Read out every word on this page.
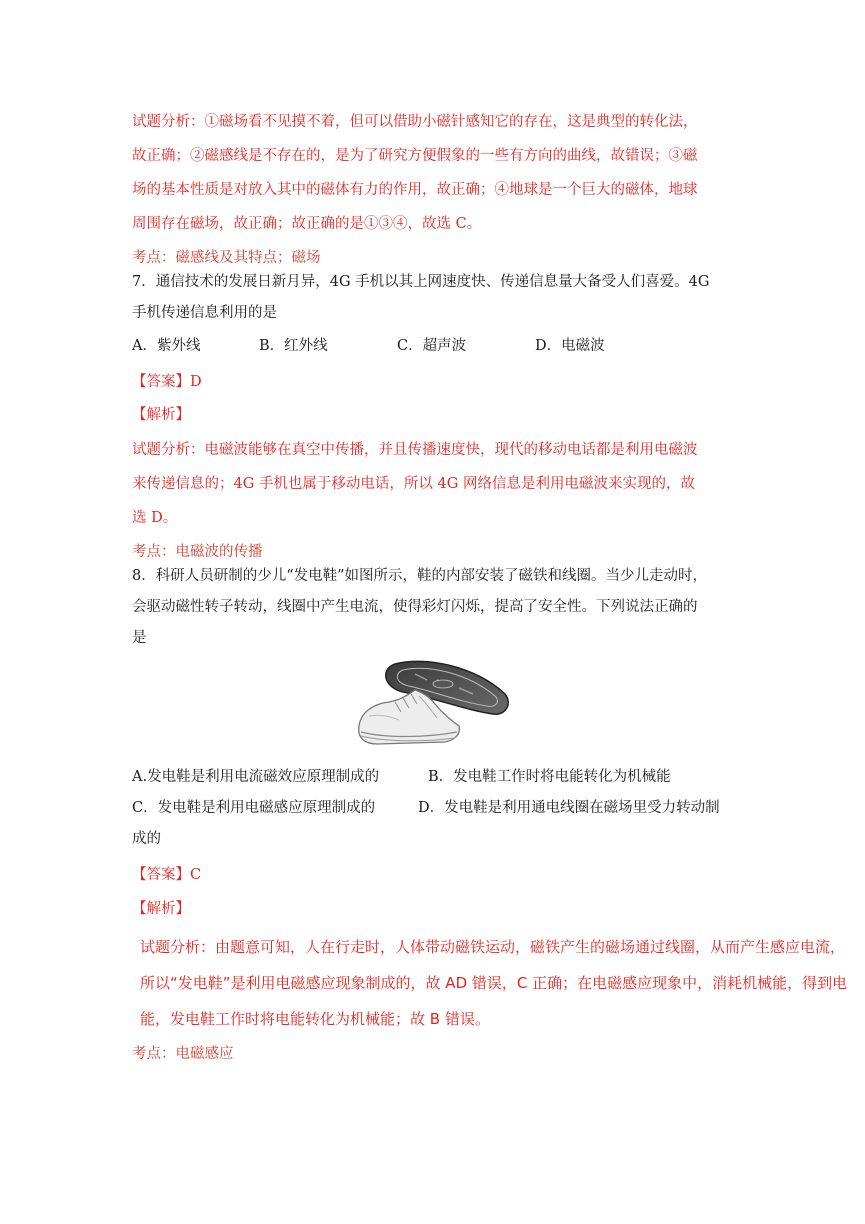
试题分析：①磁场看不见摸不着，但可以借助小磁针感知它的存在，这是典型的转化法，
故正确；②磁感线是不存在的，是为了研究方便假象的一些有方向的曲线，故错误；③磁
场的基本性质是对放入其中的磁体有力的作用，故正确；④地球是一个巨大的磁体，地球
周围存在磁场，故正确；故正确的是①③④，故选 C。
考点：磁感线及其特点；磁场
7．通信技术的发展日新月异，4G 手机以其上网速度快、传递信息量大备受人们喜爱。4G
手机传递信息利用的是
A．紫外线	B．红外线	C．超声波	D．电磁波
【答案】D
【解析】
试题分析：电磁波能够在真空中传播，并且传播速度快，现代的移动电话都是利用电磁波
来传递信息的；4G 手机也属于移动电话，所以 4G 网络信息是利用电磁波来实现的，故
选 D。
考点：电磁波的传播
8．科研人员研制的少儿“发电鞋”如图所示，鞋的内部安装了磁铁和线圈。当少儿走动时，
会驱动磁性转子转动，线圈中产生电流，使得彩灯闪烁，提高了安全性。下列说法正确的
是
A.发电鞋是利用电流磁效应原理制成的	B．发电鞋工作时将电能转化为机械能
C．发电鞋是利用电磁感应原理制成的	D．发电鞋是利用通电线圈在磁场里受力转动制
成的
【答案】C
【解析】
试题分析：由题意可知，人在行走时，人体带动磁铁运动，磁铁产生的磁场通过线圈，从而产生感应电流，
所以“发电鞋”是利用电磁感应现象制成的，故 AD 错误，C 正确；在电磁感应现象中，消耗机械能，得到电
能，发电鞋工作时将电能转化为机械能；故 B 错误。
考点：电磁感应
